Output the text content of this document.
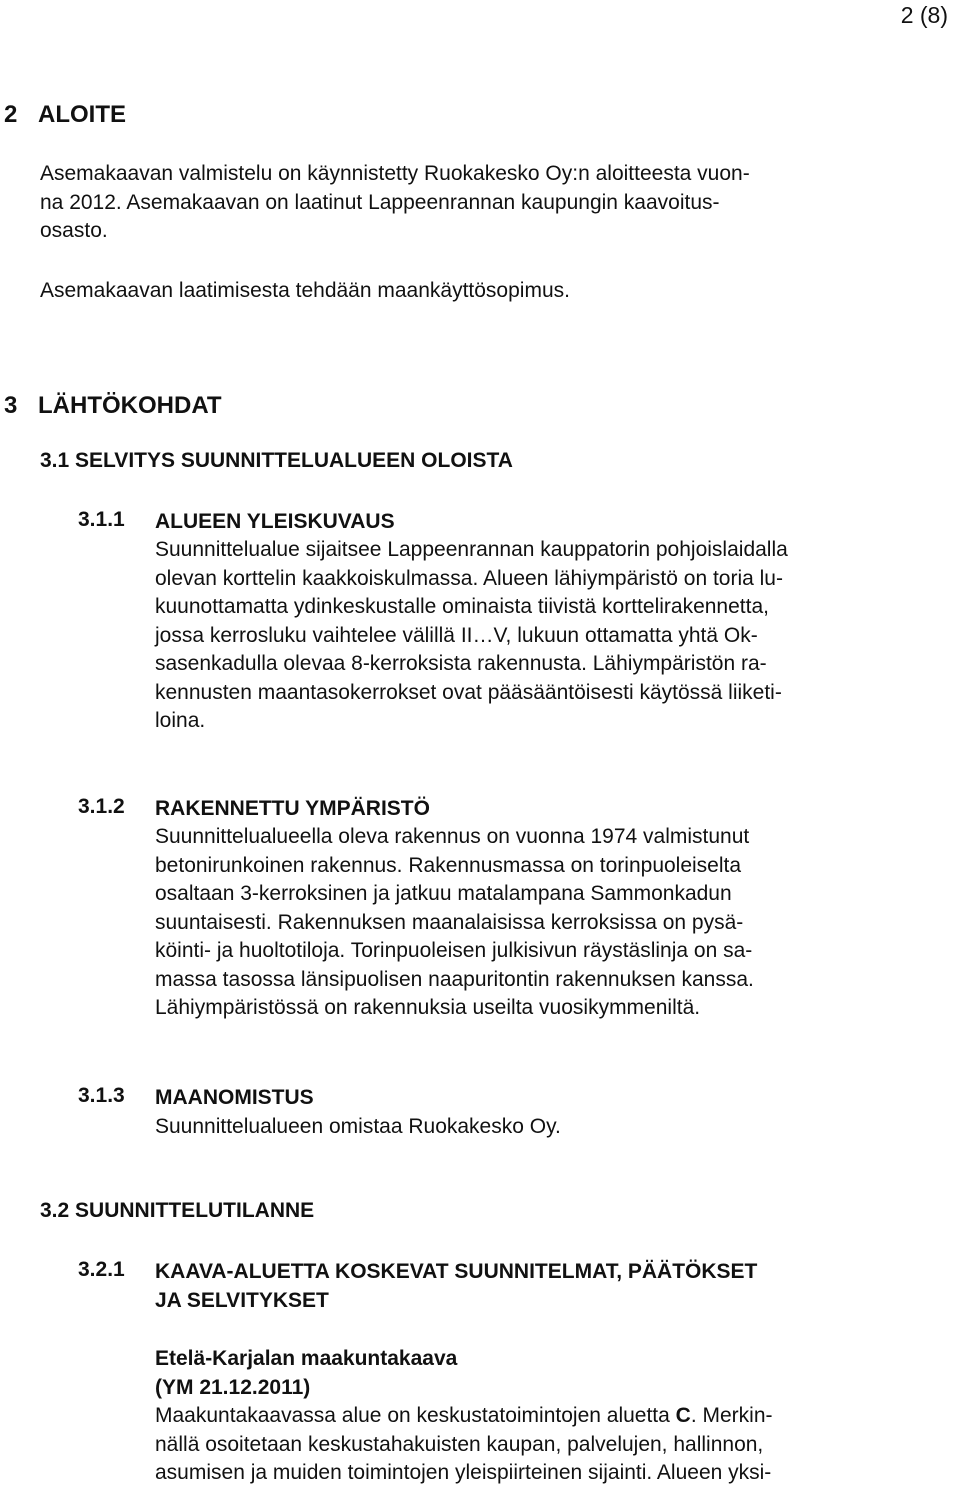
2 (8)
2 ALOITE
Asemakaavan valmistelu on käynnistetty Ruokakesko Oy:n aloitteesta vuon-
na 2012. Asemakaavan on laatinut Lappeenrannan kaupungin kaavoitus-
osasto.
Asemakaavan laatimisesta tehdään maankäyttösopimus.
3 LÄHTÖKOHDAT
3.1 SELVITYS SUUNNITTELUALUEEN OLOISTA
3.1.1 ALUEEN YLEISKUVAUS
Suunnittelualue sijaitsee Lappeenrannan kauppatorin pohjoislaidalla
olevan korttelin kaakkoiskulmassa. Alueen lähiympäristö on toria lu-
kuunottamatta ydinkeskustalle ominaista tiivistä korttelirakennetta,
jossa kerrosluku vaihtelee välillä II…V, lukuun ottamatta yhtä Ok-
sasenkadulla olevaa 8-kerroksista rakennusta. Lähiympäristön ra-
kennusten maantasokerrokset ovat pääsääntöisesti käytössä liiketi-
loina.
3.1.2 RAKENNETTU YMPÄRISTÖ
Suunnittelualueella oleva rakennus on vuonna 1974 valmistunut
betonirunkoinen rakennus. Rakennusmassa on torinpuoleiselta
osaltaan 3-kerroksinen ja jatkuu matalampana Sammonkadun
suuntaisesti. Rakennuksen maanalaisissa kerroksissa on pysä-
köinti- ja huoltotiloja. Torinpuoleisen julkisivun räystäslinja on sa-
massa tasossa länsipuolisen naapuritontin rakennuksen kanssa.
Lähiympäristössä on rakennuksia useilta vuosikymmeniltä.
3.1.3 MAANOMISTUS
Suunnittelualueen omistaa Ruokakesko Oy.
3.2 SUUNNITTELUTILANNE
3.2.1 KAAVA-ALUETTA KOSKEVAT SUUNNITELMAT, PÄÄTÖKSET
JA SELVITYKSET
Etelä-Karjalan maakuntakaava
(YM 21.12.2011)
Maakuntakaavassa alue on keskustatoimintojen aluetta C. Merkin-
nällä osoitetaan keskustahakuisten kaupan, palvelujen, hallinnon,
asumisen ja muiden toimintojen yleispiirteinen sijainti. Alueen yksi-
